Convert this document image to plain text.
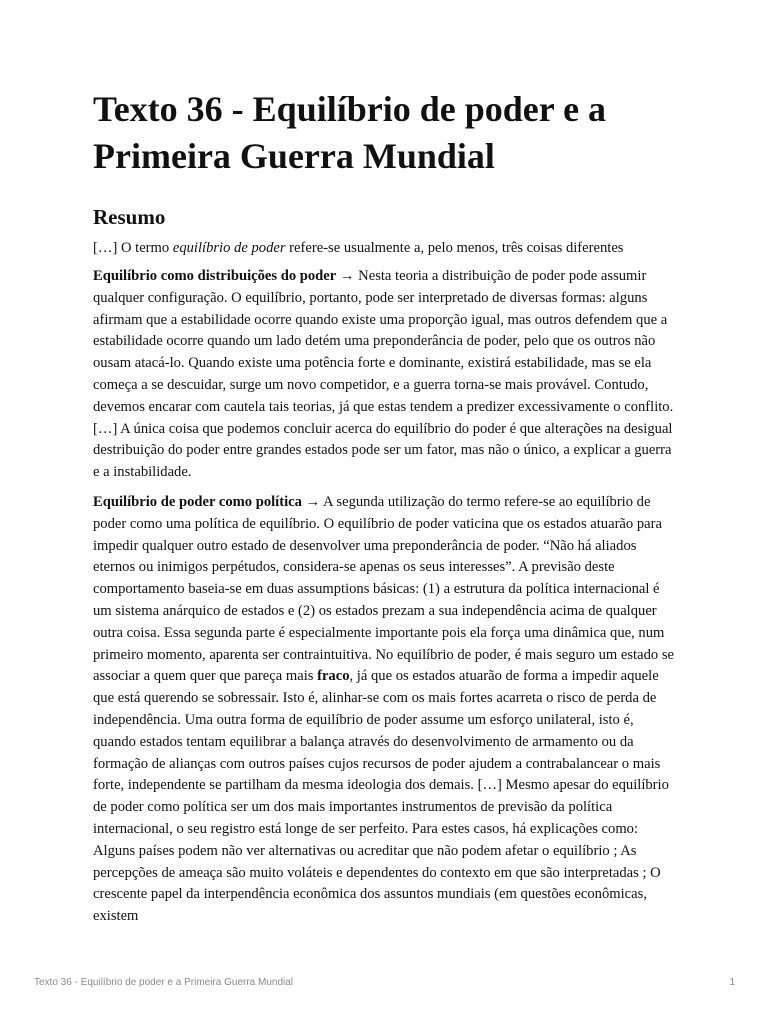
Texto 36 - Equilíbrio de poder e a Primeira Guerra Mundial
Resumo

[…] O termo equilíbrio de poder refere-se usualmente a, pelo menos, três coisas diferentes

Equilíbrio como distribuições do poder → Nesta teoria a distribuição de poder pode assumir qualquer configuração. O equilíbrio, portanto, pode ser interpretado de diversas formas: alguns afirmam que a estabilidade ocorre quando existe uma proporção igual, mas outros defendem que a estabilidade ocorre quando um lado detém uma preponderância de poder, pelo que os outros não ousam atacá-lo. Quando existe uma potência forte e dominante, existirá estabilidade, mas se ela começa a se descuidar, surge um novo competidor, e a guerra torna-se mais provável. Contudo, devemos encarar com cautela tais teorias, já que estas tendem a predizer excessivamente o conflito. […] A única coisa que podemos concluir acerca do equilíbrio do poder é que alterações na desigual destribuição do poder entre grandes estados pode ser um fator, mas não o único, a explicar a guerra e a instabilidade.

Equilíbrio de poder como política → A segunda utilização do termo refere-se ao equilíbrio de poder como uma política de equilíbrio. O equilíbrio de poder vaticina que os estados atuarão para impedir qualquer outro estado de desenvolver uma preponderância de poder. “Não há aliados eternos ou inimigos perpétudos, considera-se apenas os seus interesses”. A previsão deste comportamento baseia-se em duas assumptions básicas: (1) a estrutura da política internacional é um sistema anárquico de estados e (2) os estados prezam a sua independência acima de qualquer outra coisa. Essa segunda parte é especialmente importante pois ela força uma dinâmica que, num primeiro momento, aparenta ser contraintuitiva. No equilíbrio de poder, é mais seguro um estado se associar a quem quer que pareça mais fraco, já que os estados atuarão de forma a impedir aquele que está querendo se sobressair. Isto é, alinhar-se com os mais fortes acarreta o risco de perda de independência. Uma outra forma de equilíbrio de poder assume um esforço unilateral, isto é, quando estados tentam equilibrar a balança através do desenvolvimento de armamento ou da formação de alianças com outros países cujos recursos de poder ajudem a contrabalancear o mais forte, independente se partilham da mesma ideologia dos demais. […] Mesmo apesar do equilíbrio de poder como política ser um dos mais importantes instrumentos de previsão da política internacional, o seu registro está longe de ser perfeito. Para estes casos, há explicações como: Alguns países podem não ver alternativas ou acreditar que não podem afetar o equilíbrio ; As percepções de ameaça são muito voláteis e dependentes do contexto em que são interpretadas ; O crescente papel da interpendência econômica dos assuntos mundiais (em questões econômicas, existem

Texto 36 - Equilíbrio de poder e a Primeira Guerra Mundial	1
